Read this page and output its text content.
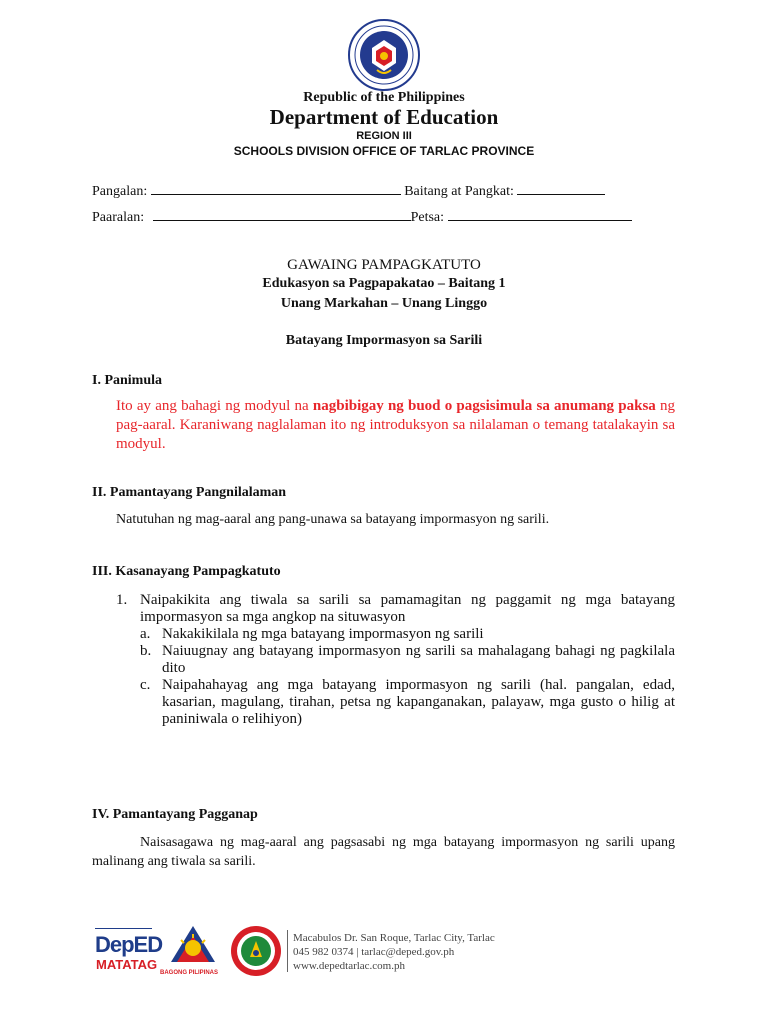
Republic of the Philippines
Department of Education
REGION III
SCHOOLS DIVISION OFFICE OF TARLAC PROVINCE
Pangalan:	Baitang at Pangkat:
Paaralan:	Petsa:
GAWAING PAMPAGKATUTO
Edukasyon sa Pagpapakatao – Baitang 1
Unang Markahan – Unang Linggo
Batayang Impormasyon sa Sarili
I. Panimula
Ito ay ang bahagi ng modyul na nagbibigay ng buod o pagsisimula sa anumang paksa ng pag-aaral. Karaniwang naglalaman ito ng introduksyon sa nilalaman o temang tatalakayin sa modyul.
II. Pamantayang Pangnilalaman
Natutuhan ng mag-aaral ang pang-unawa sa batayang impormasyon ng sarili.
III. Kasanayang Pampagkatuto
1. Naipakikita ang tiwala sa sarili sa pamamagitan ng paggamit ng mga batayang impormasyon sa mga angkop na situwasyon
a. Nakakikilala ng mga batayang impormasyon ng sarili
b. Naiuugnay ang batayang impormasyon ng sarili sa mahalagang bahagi ng pagkilala dito
c. Naipahahayag ang mga batayang impormasyon ng sarili (hal. pangalan, edad, kasarian, magulang, tirahan, petsa ng kapanganakan, palayaw, mga gusto o hilig at paniniwala o relihiyon)
IV. Pamantayang Pagganap
Naisasagawa ng mag-aaral ang pagsasabi ng mga batayang impormasyon ng sarili upang malinang ang tiwala sa sarili.
DepED
MATATAG
BAGONG PILIPINAS
Macabulos Dr. San Roque, Tarlac City, Tarlac
045 982 0374 | tarlac@deped.gov.ph
www.depedtarlac.com.ph
